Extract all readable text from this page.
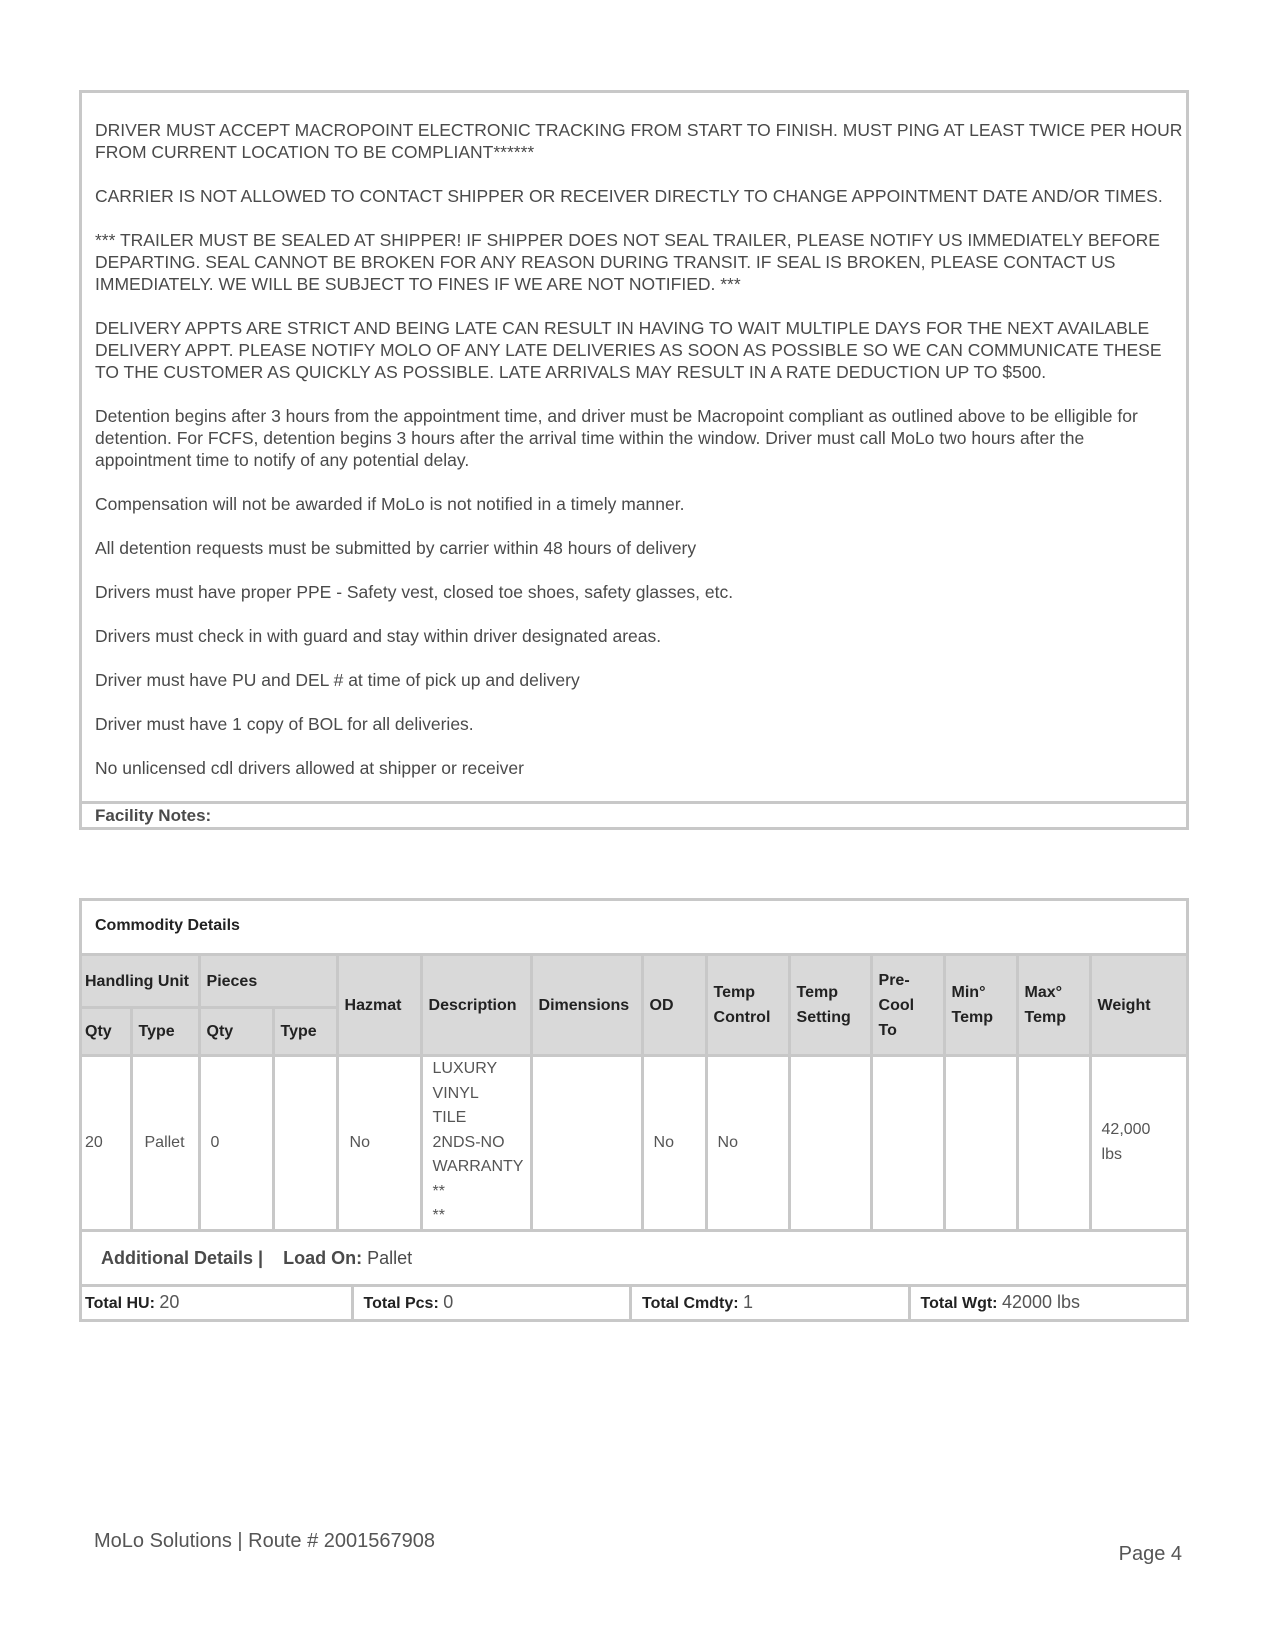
DRIVER MUST ACCEPT MACROPOINT ELECTRONIC TRACKING FROM START TO FINISH. MUST PING AT LEAST TWICE PER HOUR FROM CURRENT LOCATION TO BE COMPLIANT******

CARRIER IS NOT ALLOWED TO CONTACT SHIPPER OR RECEIVER DIRECTLY TO CHANGE APPOINTMENT DATE AND/OR TIMES.

*** TRAILER MUST BE SEALED AT SHIPPER! IF SHIPPER DOES NOT SEAL TRAILER, PLEASE NOTIFY US IMMEDIATELY BEFORE DEPARTING. SEAL CANNOT BE BROKEN FOR ANY REASON DURING TRANSIT. IF SEAL IS BROKEN, PLEASE CONTACT US IMMEDIATELY. WE WILL BE SUBJECT TO FINES IF WE ARE NOT NOTIFIED. ***

DELIVERY APPTS ARE STRICT AND BEING LATE CAN RESULT IN HAVING TO WAIT MULTIPLE DAYS FOR THE NEXT AVAILABLE DELIVERY APPT. PLEASE NOTIFY MOLO OF ANY LATE DELIVERIES AS SOON AS POSSIBLE SO WE CAN COMMUNICATE THESE TO THE CUSTOMER AS QUICKLY AS POSSIBLE. LATE ARRIVALS MAY RESULT IN A RATE DEDUCTION UP TO $500.

Detention begins after 3 hours from the appointment time, and driver must be Macropoint compliant as outlined above to be elligible for detention. For FCFS, detention begins 3 hours after the arrival time within the window. Driver must call MoLo two hours after the appointment time to notify of any potential delay.

Compensation will not be awarded if MoLo is not notified in a timely manner.

All detention requests must be submitted by carrier within 48 hours of delivery

Drivers must have proper PPE - Safety vest, closed toe shoes, safety glasses, etc.

Drivers must check in with guard and stay within driver designated areas.

Driver must have PU and DEL # at time of pick up and delivery

Driver must have 1 copy of BOL for all deliveries.

No unlicensed cdl drivers allowed at shipper or receiver

Facility Notes:
Commodity Details
Handling Unit		Pieces		Hazmat	Description	Dimensions	OD	Temp Control	Temp Setting	Pre-Cool To	Min° Temp	Max° Temp	Weight
Qty	Type	Qty	Type										
20	Pallet	0		No	LUXURY VINYL TILE 2NDS-NO WARRANTY ** **		No	No					42,000 lbs
Additional Details | Load On: Pallet
Total HU: 20	Total Pcs: 0	Total Cmdty: 1	Total Wgt: 42000 lbs
MoLo Solutions | Route # 2001567908
Page 4
